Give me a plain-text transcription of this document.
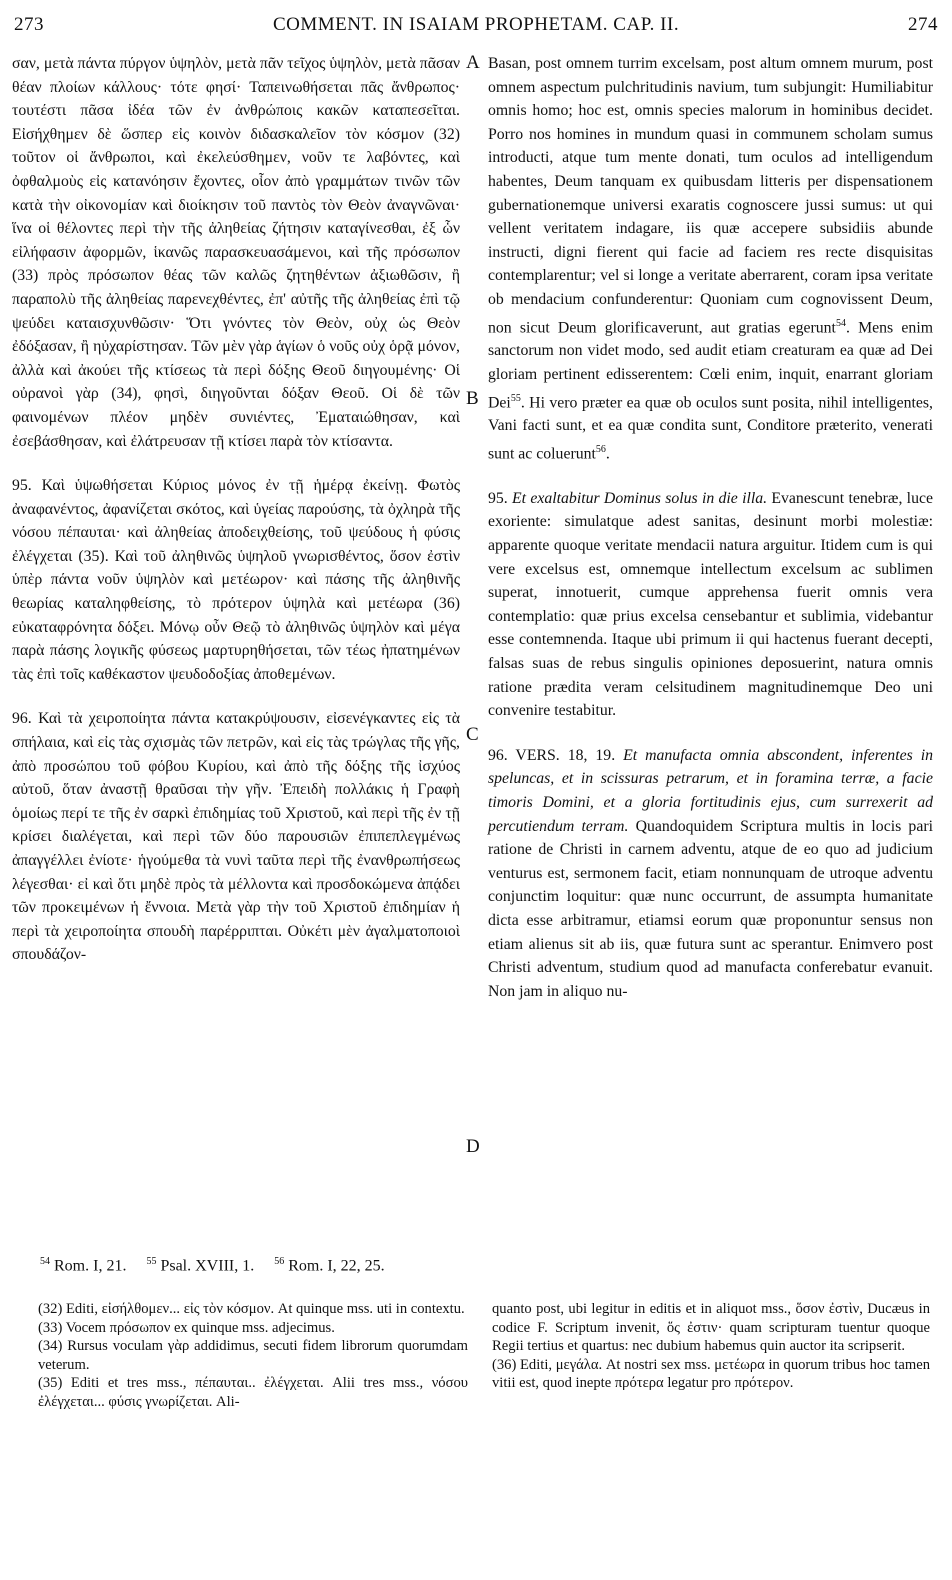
273	COMMENT. IN ISAIAM PROPHETAM. CAP. II.	274

σαν, μετὰ πάντα πύργον ὑψηλὸν, μετὰ πᾶν τεῖχος ὑψηλὸν, μετὰ πᾶσαν θέαν πλοίων κάλλους· τότε φησί· Ταπεινωθήσεται πᾶς ἄνθρωπος· τουτέστι πᾶσα ἰδέα τῶν ἐν ἀνθρώποις κακῶν καταπεσεῖται. Εἰσήχθημεν δὲ ὥσπερ εἰς κοινὸν διδασκαλεῖον τὸν κόσμον (32) τοῦτον οἱ ἄνθρωποι, καὶ ἐκελεύσθημεν, νοῦν τε λαβόντες, καὶ ὀφθαλμοὺς εἰς κατανόησιν ἔχοντες, οἷον ἀπὸ γραμμάτων τινῶν τῶν κατὰ τὴν οἰκονομίαν καὶ διοίκησιν τοῦ παντὸς τὸν Θεὸν ἀναγνῶναι· ἵνα οἱ θέλοντες περὶ τὴν τῆς ἀληθείας ζήτησιν καταγίνεσθαι, ἐξ ὧν εἰλήφασιν ἀφορμῶν, ἱκανῶς παρασκευασάμενοι, καὶ τῆς πρόσωπον (33) πρὸς πρόσωπον θέας τῶν καλῶς ζητηθέντων ἀξιωθῶσιν, ἢ παραπολὺ τῆς ἀληθείας παρενεχθέντες, ἐπ' αὐτῆς τῆς ἀληθείας ἐπὶ τῷ ψεύδει καταισχυνθῶσιν· Ὅτι γνόντες τὸν Θεὸν, οὐχ ὡς Θεὸν ἐδόξασαν, ἢ ηὐχαρίστησαν. Τῶν μὲν γὰρ ἁγίων ὁ νοῦς οὐχ ὁρᾷ μόνον, ἀλλὰ καὶ ἀκούει τῆς κτίσεως τὰ περὶ δόξης Θεοῦ διηγουμένης· Οἱ οὐρανοὶ γὰρ (34), φησὶ, διηγοῦνται δόξαν Θεοῦ. Οἱ δὲ τῶν φαινομένων πλέον μηδὲν συνιέντες, Ἐματαιώθησαν, καὶ ἐσεβάσθησαν, καὶ ἐλάτρευσαν τῇ κτίσει παρὰ τὸν κτίσαντα.

95. Καὶ ὑψωθήσεται Κύριος μόνος ἐν τῇ ἡμέρᾳ ἐκείνῃ. Φωτὸς ἀναφανέντος, ἀφανίζεται σκότος, καὶ ὑγείας παρούσης, τὰ ὀχληρὰ τῆς νόσου πέπαυται· καὶ ἀληθείας ἀποδειχθείσης, τοῦ ψεύδους ἡ φύσις ἐλέγχεται (35). Καὶ τοῦ ἀληθινῶς ὑψηλοῦ γνωρισθέντος, ὅσον ἐστὶν ὑπὲρ πάντα νοῦν ὑψηλὸν καὶ μετέωρον· καὶ πάσης τῆς ἀληθινῆς θεωρίας καταληφθείσης, τὸ πρότερον ὑψηλὰ καὶ μετέωρα (36) εὐκαταφρόνητα δόξει. Μόνῳ οὖν Θεῷ τὸ ἀληθινῶς ὑψηλὸν καὶ μέγα παρὰ πάσης λογικῆς φύσεως μαρτυρηθήσεται, τῶν τέως ἠπατημένων τὰς ἐπὶ τοῖς καθέκαστον ψευδοδοξίας ἀποθεμένων.

96. Καὶ τὰ χειροποίητα πάντα κατακρύψουσιν, εἰσενέγκαντες εἰς τὰ σπήλαια, καὶ εἰς τὰς σχισμὰς τῶν πετρῶν, καὶ εἰς τὰς τρώγλας τῆς γῆς, ἀπὸ προσώπου τοῦ φόβου Κυρίου, καὶ ἀπὸ τῆς δόξης τῆς ἰσχύος αὐτοῦ, ὅταν ἀναστῇ θραῦσαι τὴν γῆν. Ἐπειδὴ πολλάκις ἡ Γραφὴ ὁμοίως περί τε τῆς ἐν σαρκὶ ἐπιδημίας τοῦ Χριστοῦ, καὶ περὶ τῆς ἐν τῇ κρίσει διαλέγεται, καὶ περὶ τῶν δύο παρουσιῶν ἐπιπεπλεγμένως ἀπαγγέλλει ἐνίοτε· ἡγούμεθα τὰ νυνὶ ταῦτα περὶ τῆς ἐνανθρωπήσεως λέγεσθαι· εἰ καὶ ὅτι μηδὲ πρὸς τὰ μέλλοντα καὶ προσδοκώμενα ἀπᾴδει τῶν προκειμένων ἡ ἔννοια. Μετὰ γὰρ τὴν τοῦ Χριστοῦ ἐπιδημίαν ἡ περὶ τὰ χειροποίητα σπουδὴ παρέρριπται. Οὐκέτι μὲν ἀγαλματοποιοὶ σπουδάζον-

A
B
C
D

Basan, post omnem turrim excelsam, post altum omnem murum, post omnem aspectum pulchritudinis navium, tum subjungit: Humiliabitur omnis homo; hoc est, omnis species malorum in hominibus decidet. Porro nos homines in mundum quasi in communem scholam sumus introducti, atque tum mente donati, tum oculos ad intelligendum habentes, Deum tanquam ex quibusdam litteris per dispensationem gubernationemque universi exaratis cognoscere jussi sumus: ut qui vellent veritatem indagare, iis quæ accepere subsidiis abunde instructi, digni fierent qui facie ad faciem res recte disquisitas contemplarentur; vel si longe a veritate aberrarent, coram ipsa veritate ob mendacium confunderentur: Quoniam cum cognovissent Deum, non sicut Deum glorificaverunt, aut gratias egerunt$^{54}$. Mens enim sanctorum non videt modo, sed audit etiam creaturam ea quæ ad Dei gloriam pertinent edisserentem: Cœli enim, inquit, enarrant gloriam Dei$^{55}$. Hi vero præter ea quæ ob oculos sunt posita, nihil intelligentes, Vani facti sunt, et ea quæ condita sunt, Conditore præterito, venerati sunt ac coluerunt$^{56}$.

95. Et exaltabitur Dominus solus in die illa. Evanescunt tenebræ, luce exoriente: simulatque adest sanitas, desinunt morbi molestiæ: apparente quoque veritate mendacii natura arguitur. Itidem cum is qui vere excelsus est, omnemque intellectum excelsum ac sublimen superat, innotuerit, cumque apprehensa fuerit omnis vera contemplatio: quæ prius excelsa censebantur et sublimia, videbantur esse contemnenda. Itaque ubi primum ii qui hactenus fuerant decepti, falsas suas de rebus singulis opiniones deposuerint, natura omnis ratione prædita veram celsitudinem magnitudinemque Deo uni convenire testabitur.

96. VERS. 18, 19. Et manufacta omnia abscondent, inferentes in speluncas, et in scissuras petrarum, et in foramina terræ, a facie timoris Domini, et a gloria fortitudinis ejus, cum surrexerit ad percutiendum terram. Quandoquidem Scriptura multis in locis pari ratione de Christi in carnem adventu, atque de eo quo ad judicium venturus est, sermonem facit, etiam nonnunquam de utroque adventu conjunctim loquitur: quæ nunc occurrunt, de assumpta humanitate dicta esse arbitramur, etiamsi eorum quæ proponuntur sensus non etiam alienus sit ab iis, quæ futura sunt ac sperantur. Enimvero post Christi adventum, studium quod ad manufacta conferebatur evanuit. Non jam in aliquo nu-

$^{54}$ Rom. I, 21. $^{55}$ Psal. XVIII, 1. $^{56}$ Rom. I, 22, 25.

(32) Editi, εἰσήλθομεν... εἰς τὸν κόσμον. At quinque mss. uti in contextu.

(33) Vocem πρόσωπον ex quinque mss. adjecimus.

(34) Rursus voculam γὰρ addidimus, secuti fidem librorum quorumdam veterum.

(35) Editi et tres mss., πέπαυται.. ἐλέγχεται. Alii tres mss., νόσου ἐλέγχεται... φύσις γνωρίζεται. Ali-

quanto post, ubi legitur in editis et in aliquot mss., ὅσον ἐστὶν, Ducæus in codice F. Scriptum invenit, ὅς ἐστιν· quam scripturam tuentur quoque Regii tertius et quartus: nec dubium habemus quin auctor ita scripserit.

(36) Editi, μεγάλα. At nostri sex mss. μετέωρα in quorum tribus hoc tamen vitii est, quod inepte πρότερα legatur pro πρότερον.
